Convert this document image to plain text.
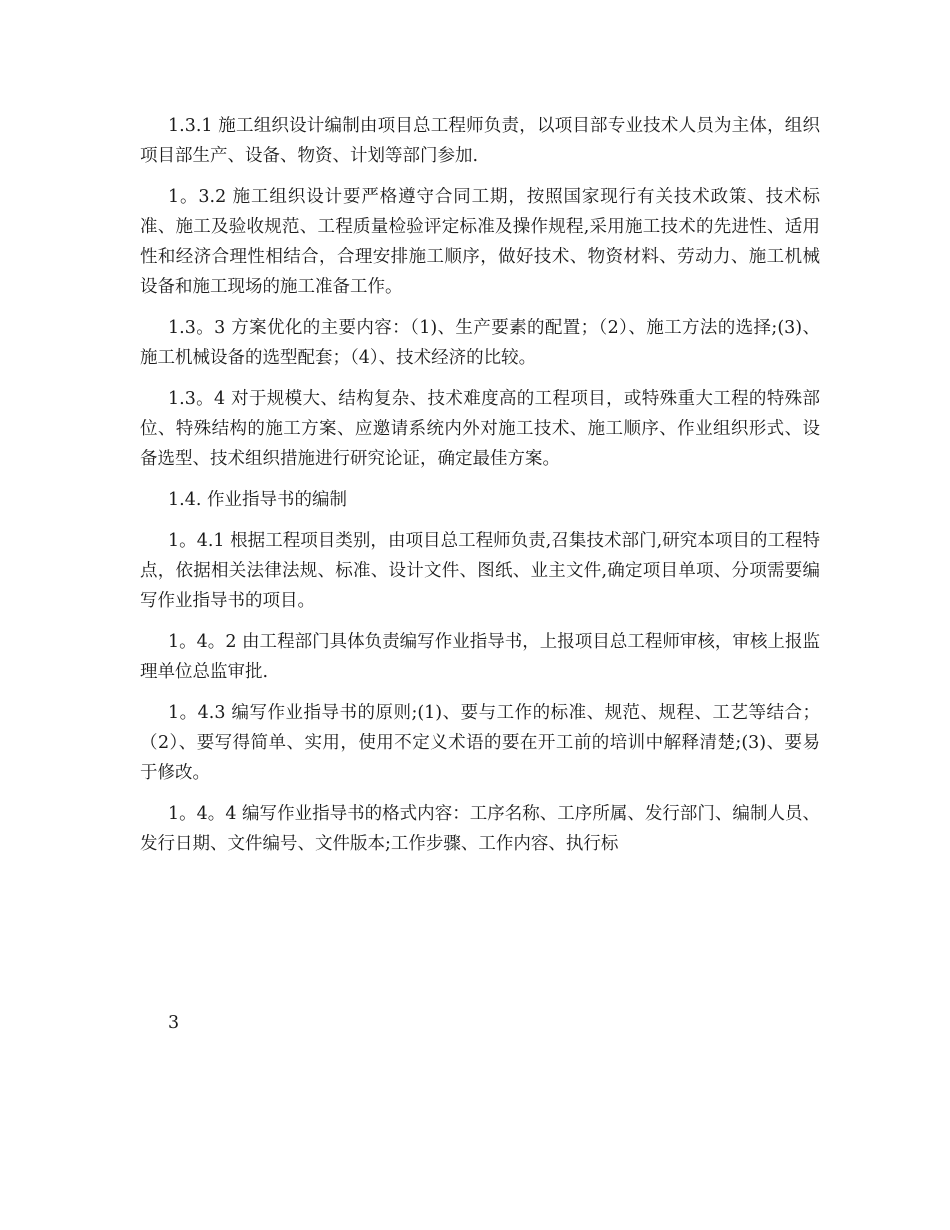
1.3.1 施工组织设计编制由项目总工程师负责，以项目部专业技术人员为主体，组织项目部生产、设备、物资、计划等部门参加.

1。3.2 施工组织设计要严格遵守合同工期，按照国家现行有关技术政策、技术标准、施工及验收规范、工程质量检验评定标准及操作规程,采用施工技术的先进性、适用性和经济合理性相结合，合理安排施工顺序，做好技术、物资材料、劳动力、施工机械设备和施工现场的施工准备工作。

1.3。3 方案优化的主要内容：（1)、生产要素的配置；（2）、施工方法的选择;(3)、施工机械设备的选型配套；（4）、技术经济的比较。

1.3。4 对于规模大、结构复杂、技术难度高的工程项目，或特殊重大工程的特殊部位、特殊结构的施工方案、应邀请系统内外对施工技术、施工顺序、作业组织形式、设备选型、技术组织措施进行研究论证，确定最佳方案。

1.4. 作业指导书的编制

1。4.1 根据工程项目类别，由项目总工程师负责,召集技术部门,研究本项目的工程特点，依据相关法律法规、标准、设计文件、图纸、业主文件,确定项目单项、分项需要编写作业指导书的项目。

1。4。2 由工程部门具体负责编写作业指导书，上报项目总工程师审核，审核上报监理单位总监审批.

1。4.3 编写作业指导书的原则;(1)、要与工作的标准、规范、规程、工艺等结合；（2）、要写得简单、实用，使用不定义术语的要在开工前的培训中解释清楚;(3)、要易于修改。

1。4。4 编写作业指导书的格式内容：工序名称、工序所属、发行部门、编制人员、发行日期、文件编号、文件版本;工作步骤、工作内容、执行标

3
